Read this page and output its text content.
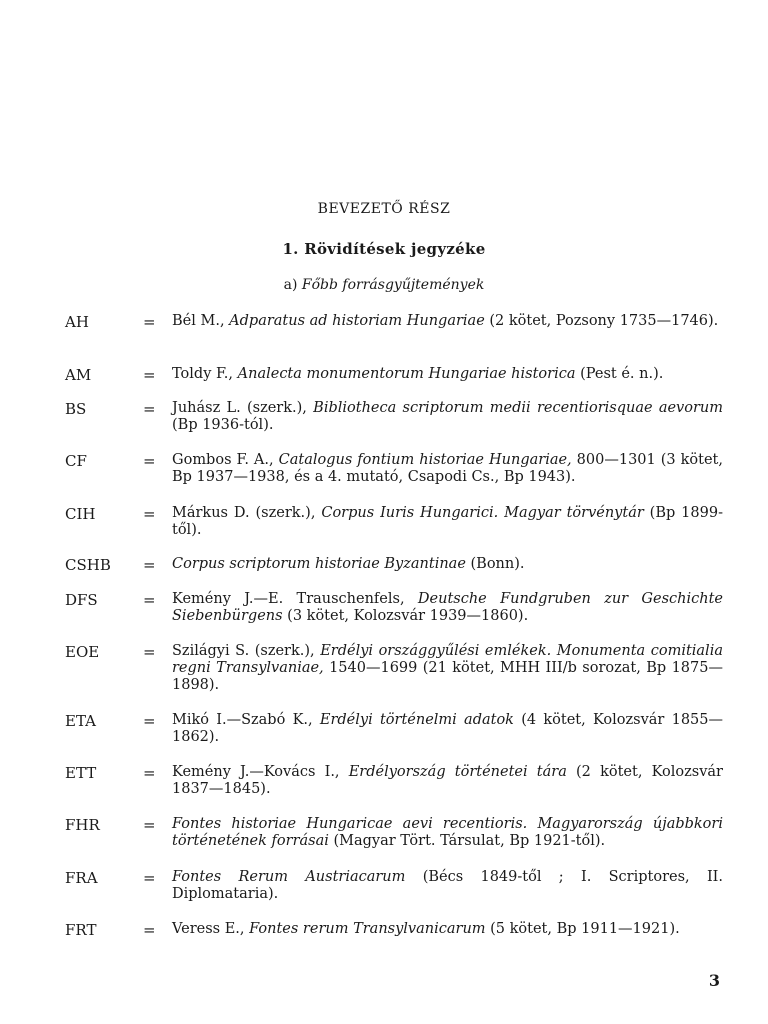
BEVEZETŐ RÉSZ
1. Rövidítések jegyzéke
a) Főbb forrásgyűjtemények
AH	= Bél M., Adparatus ad historiam Hungariae (2 kötet, Pozsony 1735—1746).
AM	= Toldy F., Analecta monumentorum Hungariae historica (Pest é. n.).
BS	= Juhász L. (szerk.), Bibliotheca scriptorum medii recentiorisquae aevorum (Bp 1936-tól).
CF	= Gombos F. A., Catalogus fontium historiae Hungariae, 800—1301 (3 kötet, Bp 1937—1938, és a 4. mutató, Csapodi Cs., Bp 1943).
CIH	= Márkus D. (szerk.), Corpus Iuris Hungarici. Magyar törvénytár (Bp 1899-től).
CSHB = Corpus scriptorum historiae Byzantinae (Bonn).
DFS	= Kemény J.—E. Trauschenfels, Deutsche Fundgruben zur Geschichte Siebenbürgens (3 kötet, Kolozsvár 1939—1860).
EOE	= Szilágyi S. (szerk.), Erdélyi országgyűlési emlékek. Monumenta comitialia regni Transylvaniae, 1540—1699 (21 kötet, MHH III/b sorozat, Bp 1875—1898).
ETA	= Mikó I.—Szabó K., Erdélyi történelmi adatok (4 kötet, Kolozsvár 1855—1862).
ETT	= Kemény J.—Kovács I., Erdélyország történetei tára (2 kötet, Kolozsvár 1837—1845).
FHR	= Fontes historiae Hungaricae aevi recentioris. Magyarország újabbkori történetének forrásai (Magyar Tört. Társulat, Bp 1921-től).
FRA	= Fontes Rerum Austriacarum (Bécs 1849-től ; I. Scriptores, II. Diplomataria).
FRT	= Veress E., Fontes rerum Transylvanicarum (5 kötet, Bp 1911—1921).
3
